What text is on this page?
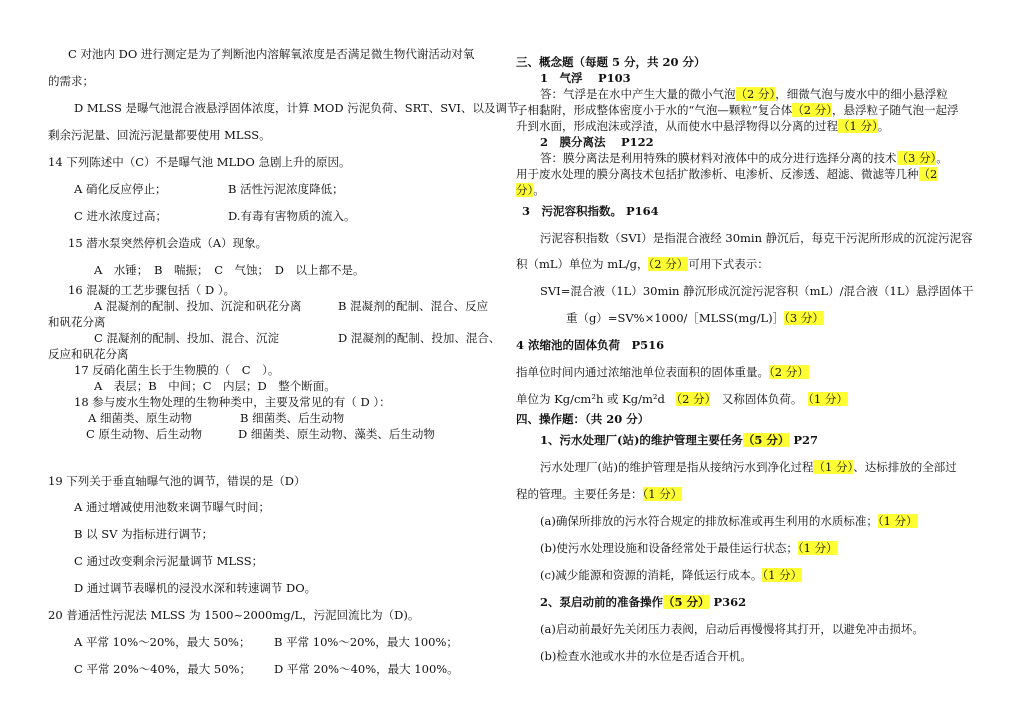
C 对池内 DO 进行测定是为了判断池内溶解氧浓度是否满足微生物代谢活动对氧
的需求；
D MLSS 是曝气池混合液悬浮固体浓度，计算 MOD 污泥负荷、SRT、SVI、以及调节
剩余污泥量、回流污泥量都要使用 MLSS。
14 下列陈述中（C）不是曝气池 MLDO 急剧上升的原因。
A 硝化反应停止；	B 活性污泥浓度降低；
C 进水浓度过高；	D.有毒有害物质的流入。
15 潜水泵突然停机会造成（A）现象。
A　水锤；　B　喘振；　C　气蚀；　D　以上都不是。
16 混凝的工艺步骤包括（ D ）。
A 混凝剂的配制、投加、沉淀和矾花分离	B 混凝剂的配制、混合、反应
和矾花分离
C 混凝剂的配制、投加、混合、沉淀	D 混凝剂的配制、投加、混合、
反应和矾花分离
17 反硝化菌生长于生物膜的（　C　）。
A　表层；B　中间；C　内层；D　整个断面。
18 参与废水生物处理的生物种类中，主要及常见的有（ D ）：
A 细菌类、原生动物	B 细菌类、后生动物
C 原生动物、后生动物	D 细菌类、原生动物、藻类、后生动物
19 下列关于垂直轴曝气池的调节，错误的是（D）
A 通过增减使用池数来调节曝气时间；
B 以 SV 为指标进行调节；
C 通过改变剩余污泥量调节 MLSS；
D 通过调节表曝机的浸没水深和转速调节 DO。
20 普通活性污泥法 MLSS 为 1500~2000mg/L，污泥回流比为（D)。
A 平常 10%～20%，最大 50%； B 平常 10%～20%，最大 100%；
C 平常 20%～40%，最大 50%； D 平常 20%～40%，最大 100%。
三、概念题（每题 5 分，共 20 分）
1　气浮　 P103
答：气浮是在水中产生大量的微小气泡（2 分），细微气泡与废水中的细小悬浮粒
子相黏附，形成整体密度小于水的“气泡—颗粒”复合体（2 分），悬浮粒子随气泡一起浮
升到水面，形成泡沫或浮渣，从而使水中悬浮物得以分离的过程（1 分）。
2　膜分离法　 P122
答：膜分离法是利用特殊的膜材料对液体中的成分进行选择分离的技术（3 分）。
用于废水处理的膜分离技术包括扩散渗析、电渗析、反渗透、超滤、微滤等几种（2
分）。
3　污泥容积指数。 P164
污泥容积指数（SVI）是指混合液经 30min 静沉后，每克干污泥所形成的沉淀污泥容
积（mL）单位为 mL/g，（2 分）可用下式表示：
SVI=混合液（1L）30min 静沉形成沉淀污泥容积（mL）/混合液（1L）悬浮固体干
重（g）=SV%×1000/［MLSS(mg/L)］（3 分）
4 浓缩池的固体负荷　P516
指单位时间内通过浓缩池单位表面积的固体重量。（2 分）
单位为 Kg/cm²h 或 Kg/m²d　 （2 分）　又称固体负荷。　 （1 分）
四、操作题：（共 20 分）
1、污水处理厂(站)的维护管理主要任务（5 分） P27
污水处理厂(站)的维护管理是指从接纳污水到净化过程（1 分）、达标排放的全部过
程的管理。主要任务是：（1 分）
(a)确保所排放的污水符合规定的排放标准或再生利用的水质标准；（1 分）
(b)使污水处理设施和设备经常处于最佳运行状态；（1 分）
(c)减少能源和资源的消耗，降低运行成本。（1 分）
2、泵启动前的准备操作（5 分） P362
(a)启动前最好先关闭压力表阀，启动后再慢慢将其打开，以避免冲击损坏。
(b)检查水池或水井的水位是否适合开机。
